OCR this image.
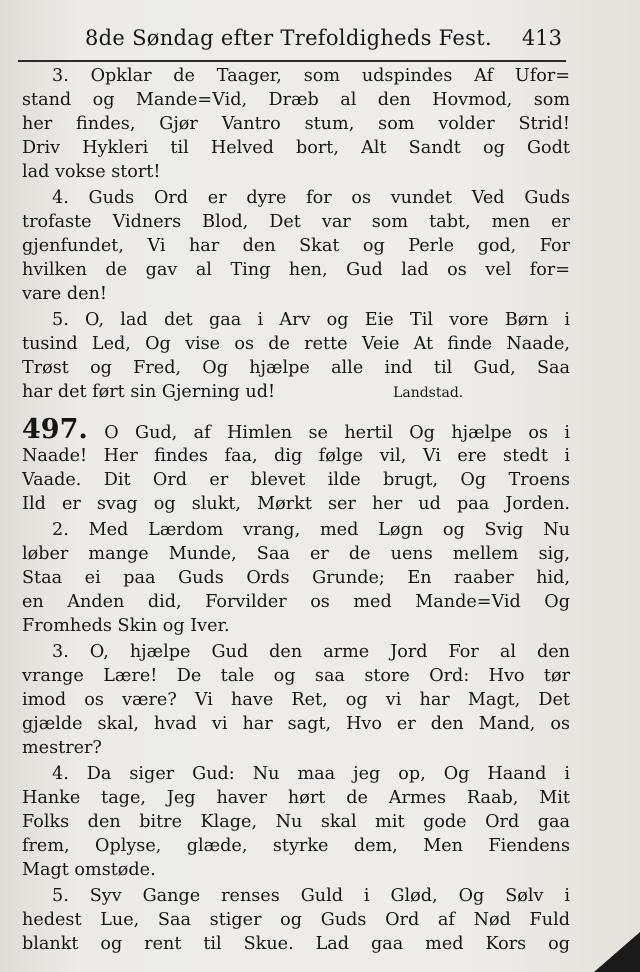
8de Søndag efter Trefoldigheds Fest. 413
3. Opklar de Taager, som udspindes Af Ufor=
stand og Mande=Vid, Dræb al den Hovmod, som
her findes, Gjør Vantro stum, som volder Strid!
Driv Hykleri til Helved bort, Alt Sandt og Godt
lad vokse stort!
4. Guds Ord er dyre for os vundet Ved Guds
trofaste Vidners Blod, Det var som tabt, men er
gjenfundet, Vi har den Skat og Perle god, For
hvilken de gav al Ting hen, Gud lad os vel for=
vare den!
5. O, lad det gaa i Arv og Eie Til vore Børn i
tusind Led, Og vise os de rette Veie At finde Naade,
Trøst og Fred, Og hjælpe alle ind til Gud, Saa
har det ført sin Gjerning ud!	Landstad.
497. O Gud, af Himlen se hertil Og hjælpe os i
Naade! Her findes faa, dig følge vil, Vi ere stedt i
Vaade. Dit Ord er blevet ilde brugt, Og Troens
Ild er svag og slukt, Mørkt ser her ud paa Jorden.
2. Med Lærdom vrang, med Løgn og Svig Nu
løber mange Munde, Saa er de uens mellem sig,
Staa ei paa Guds Ords Grunde; En raaber hid,
en Anden did, Forvilder os med Mande=Vid Og
Fromheds Skin og Iver.
3. O, hjælpe Gud den arme Jord For al den
vrange Lære! De tale og saa store Ord: Hvo tør
imod os være? Vi have Ret, og vi har Magt, Det
gjælde skal, hvad vi har sagt, Hvo er den Mand, os
mestrer?
4. Da siger Gud: Nu maa jeg op, Og Haand i
Hanke tage, Jeg haver hørt de Armes Raab, Mit
Folks den bitre Klage, Nu skal mit gode Ord gaa
frem, Oplyse, glæde, styrke dem, Men Fiendens
Magt omstøde.
5. Syv Gange renses Guld i Glød, Og Sølv i
hedest Lue, Saa stiger og Guds Ord af Nød Fuld
blankt og rent til Skue. Lad gaa med Kors og
